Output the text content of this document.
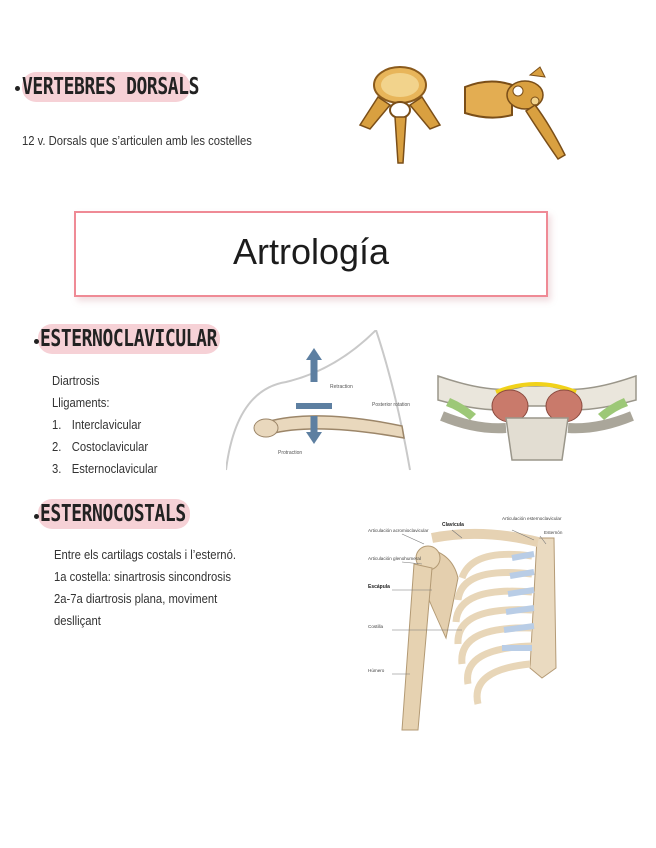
VERTEBRES DORSALS
12 v. Dorsals que s’articulen amb les costelles
Artrología
ESTERNOCLAVICULAR
Diartrosis
Lligaments:
1. Interclavicular
2. Costoclavicular
3. Esternoclavicular
Retraction
Protraction
Posterior rotation
ESTERNOCOSTALS
Entre els cartilags costals i l’esternó.
1a costella: sinartrosis sincondrosis
2a-7a diartrosis plana, moviment
deslliçant
Articulación acromioclavicular
Clavícula
Articulación esternoclavicular
Esternón
Articulación glenohumeral
Escápula
Costilla
Húmero
